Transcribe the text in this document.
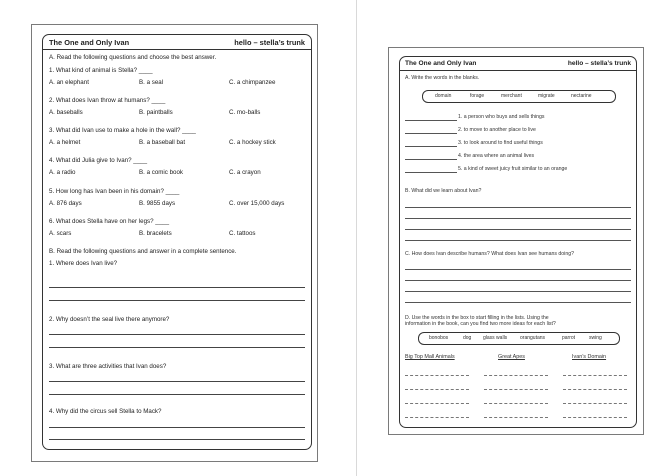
The One and Only Ivan	hello – stella’s trunk
A. Read the following questions and choose the best answer.
1. What kind of animal is Stella? ____
A. an elephant	B. a seal	C. a chimpanzee
2. What does Ivan throw at humans? ____
A. baseballs	B. paintballs	C. mo-balls
3. What did Ivan use to make a hole in the wall? ____
A. a helmet	B. a baseball bat	C. a hockey stick
4. What did Julia give to Ivan? ____
A. a radio	B. a comic book	C. a crayon
5. How long has Ivan been in his domain? ____
A. 876 days	B. 9855 days	C. over 15,000 days
6. What does Stella have on her legs? ____
A. scars	B. bracelets	C. tattoos
B. Read the following questions and answer in a complete sentence.
1. Where does Ivan live?
2. Why doesn’t the seal live there anymore?
3. What are three activities that Ivan does?
4. Why did the circus sell Stella to Mack?
The One and Only Ivan	hello – stella’s trunk
A. Write the words in the blanks.
domain	forage	merchant	migrate	nectarine
1. a person who buys and sells things
2. to move to another place to live
3. to look around to find useful things
4. the area where an animal lives
5. a kind of sweet juicy fruit similar to an orange
B. What did we learn about Ivan?
C. How does Ivan describe humans? What does Ivan see humans doing?
D. Use the words in the box to start filling in the lists. Using the
information in the book, can you find two more ideas for each list?
bonobos	dog glass walls	orangutans	parrot	swing
Big Top Mall Animals	Great Apes	Ivan’s Domain
